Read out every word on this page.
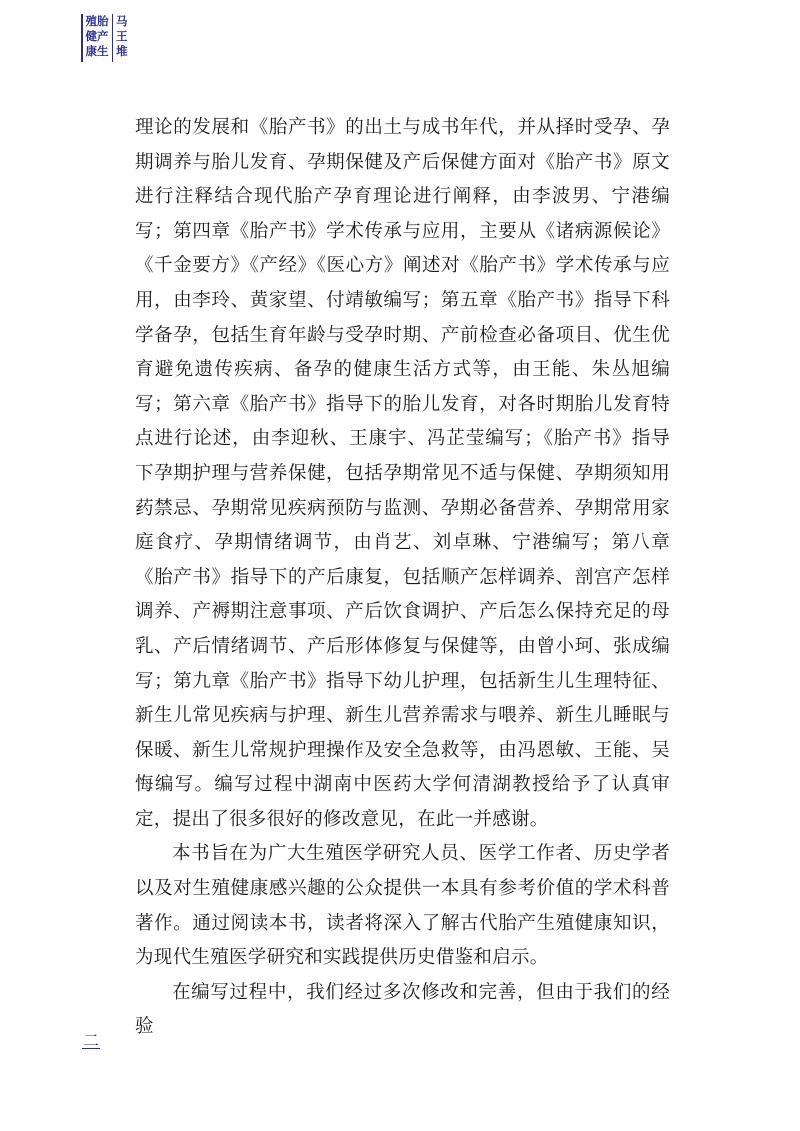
殖胎
健产
康生
马
王
堆

理论的发展和《胎产书》的出土与成书年代，并从择时受孕、孕期调养与胎儿发育、孕期保健及产后保健方面对《胎产书》原文进行注释结合现代胎产孕育理论进行阐释，由李波男、宁港编写；第四章《胎产书》学术传承与应用，主要从《诸病源候论》《千金要方》《产经》《医心方》阐述对《胎产书》学术传承与应用，由李玲、黄家望、付靖敏编写；第五章《胎产书》指导下科学备孕，包括生育年龄与受孕时期、产前检查必备项目、优生优育避免遗传疾病、备孕的健康生活方式等，由王能、朱丛旭编写；第六章《胎产书》指导下的胎儿发育，对各时期胎儿发育特点进行论述，由李迎秋、王康宇、冯芷莹编写；《胎产书》指导下孕期护理与营养保健，包括孕期常见不适与保健、孕期须知用药禁忌、孕期常见疾病预防与监测、孕期必备营养、孕期常用家庭食疗、孕期情绪调节，由肖艺、刘卓琳、宁港编写；第八章《胎产书》指导下的产后康复，包括顺产怎样调养、剖宫产怎样调养、产褥期注意事项、产后饮食调护、产后怎么保持充足的母乳、产后情绪调节、产后形体修复与保健等，由曾小珂、张成编写；第九章《胎产书》指导下幼儿护理，包括新生儿生理特征、新生儿常见疾病与护理、新生儿营养需求与喂养、新生儿睡眠与保暖、新生儿常规护理操作及安全急救等，由冯恩敏、王能、吴悔编写。编写过程中湖南中医药大学何清湖教授给予了认真审定，提出了很多很好的修改意见，在此一并感谢。

本书旨在为广大生殖医学研究人员、医学工作者、历史学者以及对生殖健康感兴趣的公众提供一本具有参考价值的学术科普著作。通过阅读本书，读者将深入了解古代胎产生殖健康知识，为现代生殖医学研究和实践提供历史借鉴和启示。

在编写过程中，我们经过多次修改和完善，但由于我们的经验

二
